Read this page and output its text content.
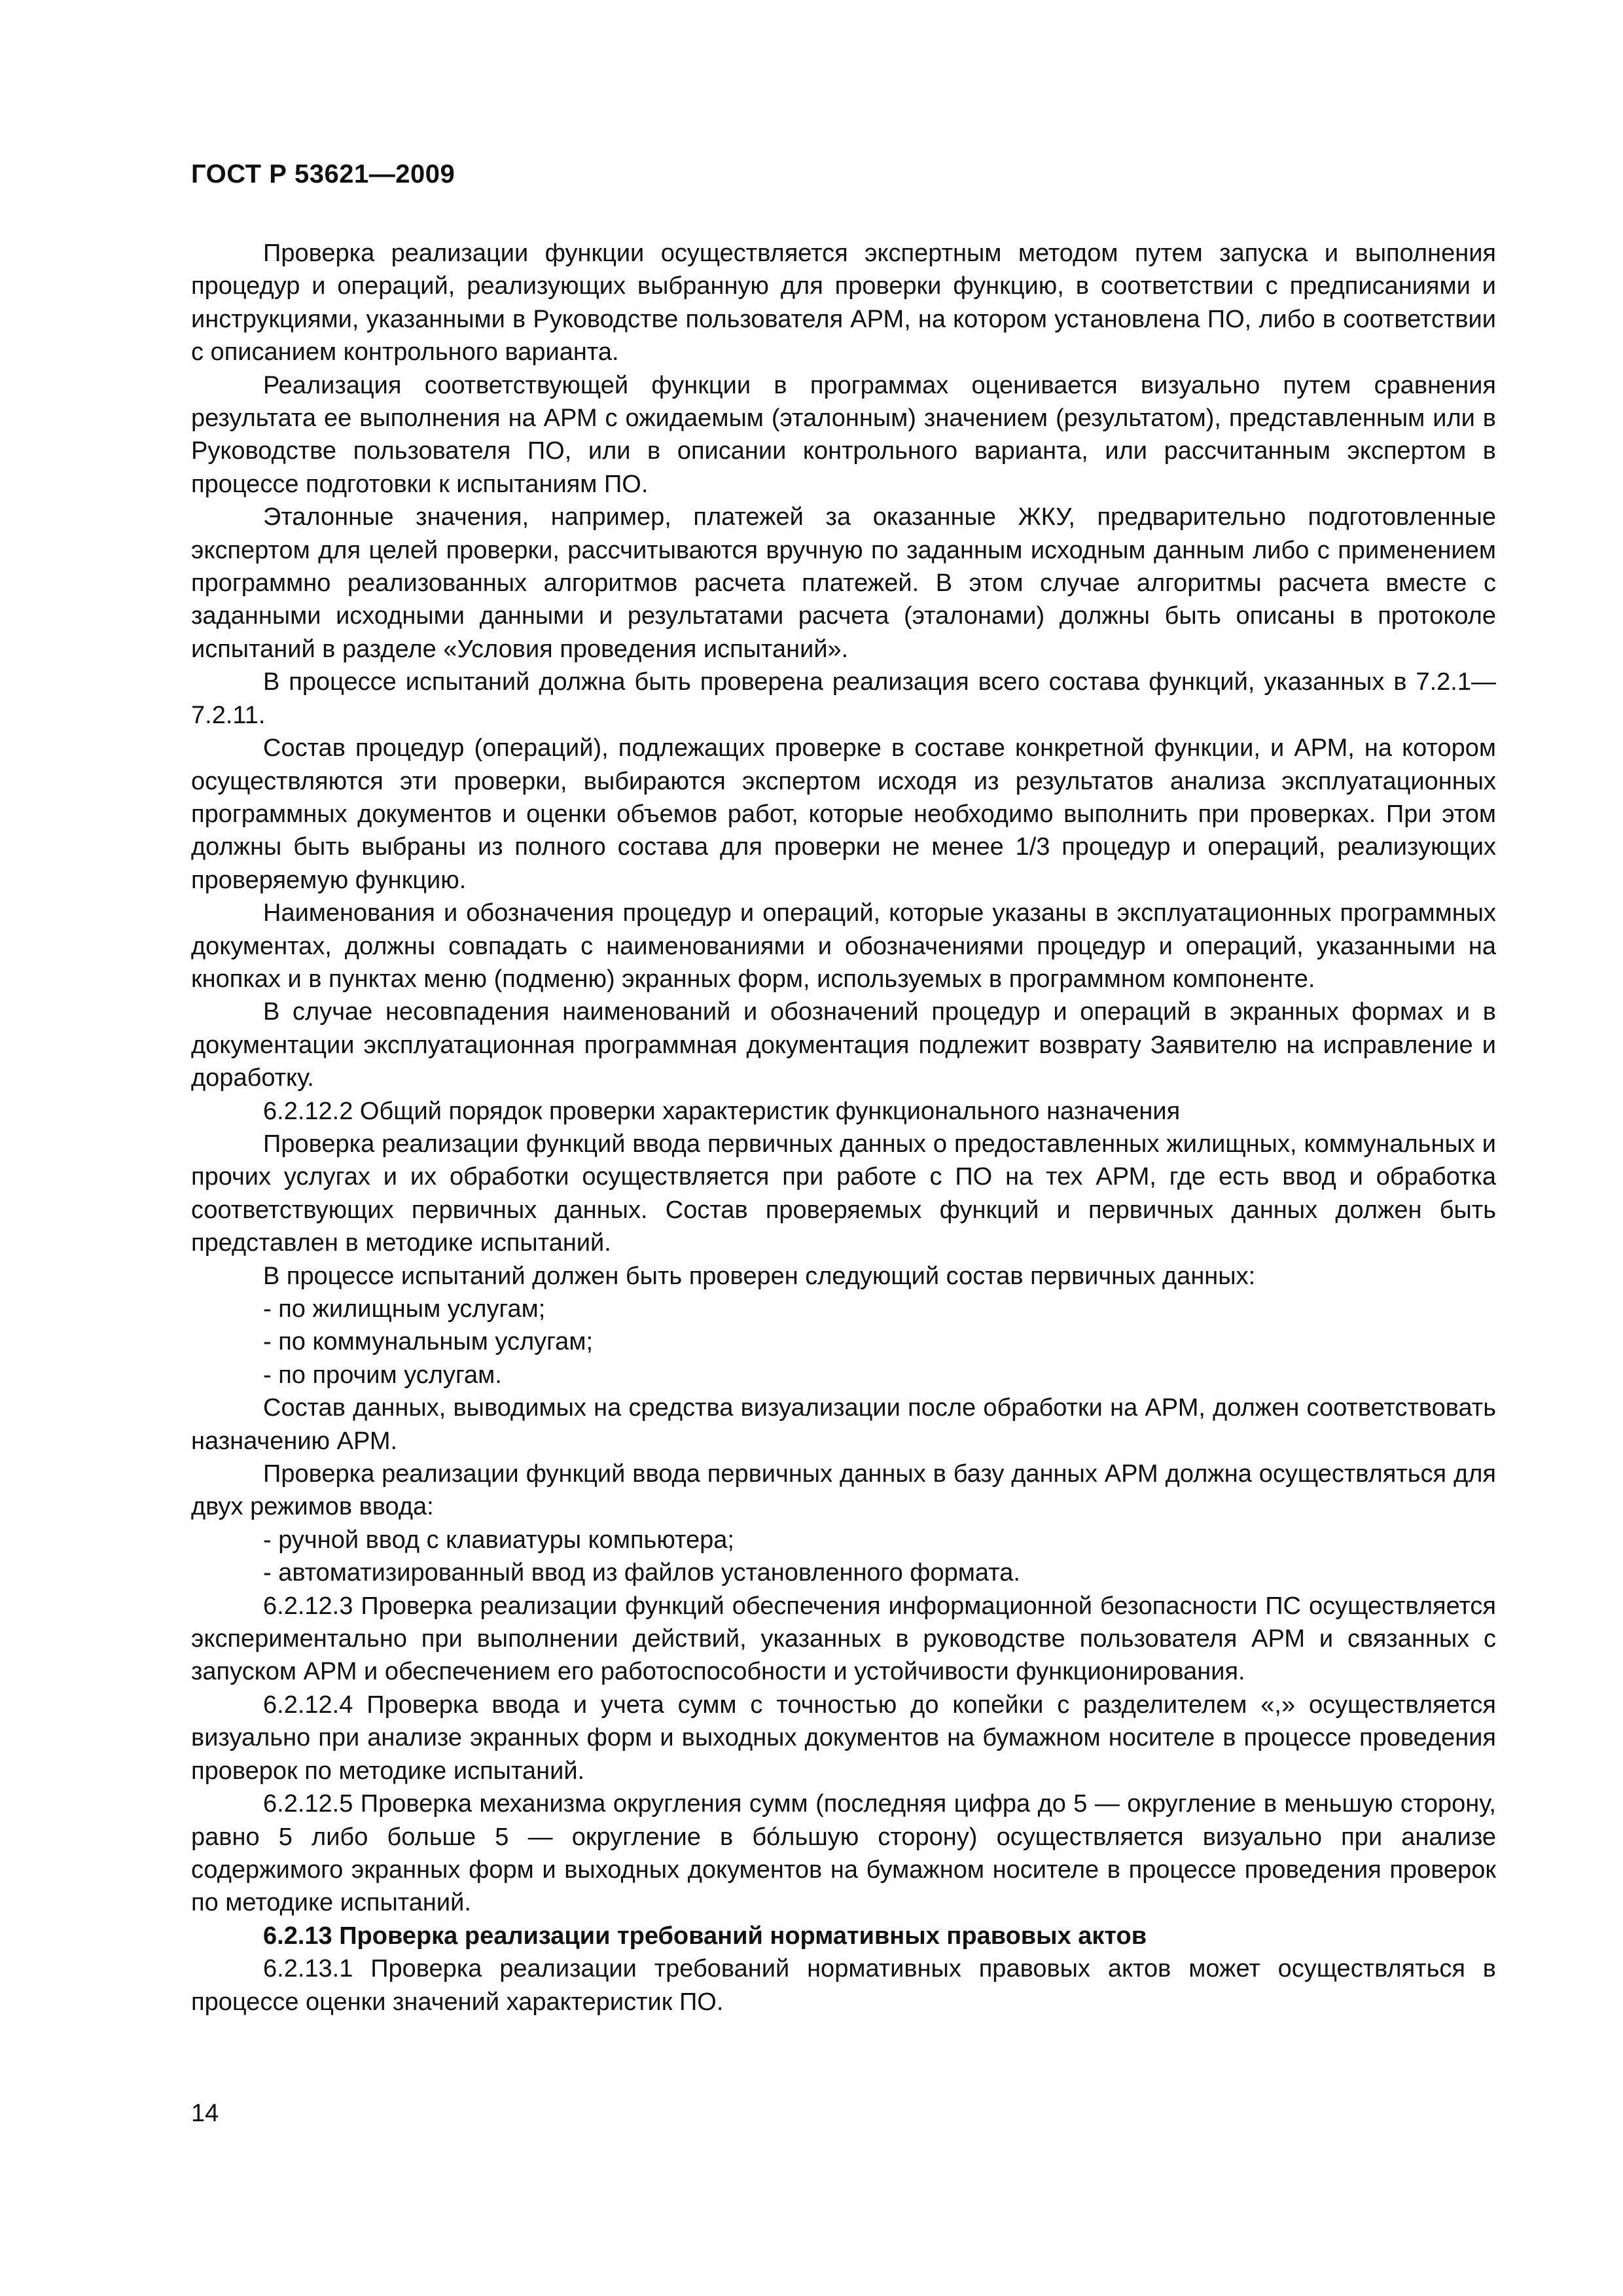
ГОСТ Р 53621—2009

Проверка реализации функции осуществляется экспертным методом путем запуска и выполнения процедур и операций, реализующих выбранную для проверки функцию, в соответствии с предписаниями и инструкциями, указанными в Руководстве пользователя АРМ, на котором установлена ПО, либо в соответствии с описанием контрольного варианта.

Реализация соответствующей функции в программах оценивается визуально путем сравнения результата ее выполнения на АРМ с ожидаемым (эталонным) значением (результатом), представленным или в Руководстве пользователя ПО, или в описании контрольного варианта, или рассчитанным экспертом в процессе подготовки к испытаниям ПО.

Эталонные значения, например, платежей за оказанные ЖКУ, предварительно подготовленные экспертом для целей проверки, рассчитываются вручную по заданным исходным данным либо с применением программно реализованных алгоритмов расчета платежей. В этом случае алгоритмы расчета вместе с заданными исходными данными и результатами расчета (эталонами) должны быть описаны в протоколе испытаний в разделе «Условия проведения испытаний».

В процессе испытаний должна быть проверена реализация всего состава функций, указанных в 7.2.1—7.2.11.

Состав процедур (операций), подлежащих проверке в составе конкретной функции, и АРМ, на котором осуществляются эти проверки, выбираются экспертом исходя из результатов анализа эксплуатационных программных документов и оценки объемов работ, которые необходимо выполнить при проверках. При этом должны быть выбраны из полного состава для проверки не менее 1/3 процедур и операций, реализующих проверяемую функцию.

Наименования и обозначения процедур и операций, которые указаны в эксплуатационных программных документах, должны совпадать с наименованиями и обозначениями процедур и операций, указанными на кнопках и в пунктах меню (подменю) экранных форм, используемых в программном компоненте.

В случае несовпадения наименований и обозначений процедур и операций в экранных формах и в документации эксплуатационная программная документация подлежит возврату Заявителю на исправление и доработку.

6.2.12.2 Общий порядок проверки характеристик функционального назначения

Проверка реализации функций ввода первичных данных о предоставленных жилищных, коммунальных и прочих услугах и их обработки осуществляется при работе с ПО на тех АРМ, где есть ввод и обработка соответствующих первичных данных. Состав проверяемых функций и первичных данных должен быть представлен в методике испытаний.

В процессе испытаний должен быть проверен следующий состав первичных данных:

- по жилищным услугам;

- по коммунальным услугам;

- по прочим услугам.

Состав данных, выводимых на средства визуализации после обработки на АРМ, должен соответствовать назначению АРМ.

Проверка реализации функций ввода первичных данных в базу данных АРМ должна осуществляться для двух режимов ввода:

- ручной ввод с клавиатуры компьютера;

- автоматизированный ввод из файлов установленного формата.

6.2.12.3 Проверка реализации функций обеспечения информационной безопасности ПС осуществляется экспериментально при выполнении действий, указанных в руководстве пользователя АРМ и связанных с запуском АРМ и обеспечением его работоспособности и устойчивости функционирования.

6.2.12.4 Проверка ввода и учета сумм с точностью до копейки с разделителем «,» осуществляется визуально при анализе экранных форм и выходных документов на бумажном носителе в процессе проведения проверок по методике испытаний.

6.2.12.5 Проверка механизма округления сумм (последняя цифра до 5 — округление в меньшую сторону, равно 5 либо больше 5 — округление в бо́льшую сторону) осуществляется визуально при анализе содержимого экранных форм и выходных документов на бумажном носителе в процессе проведения проверок по методике испытаний.

6.2.13 Проверка реализации требований нормативных правовых актов

6.2.13.1 Проверка реализации требований нормативных правовых актов может осуществляться в процессе оценки значений характеристик ПО.

14
